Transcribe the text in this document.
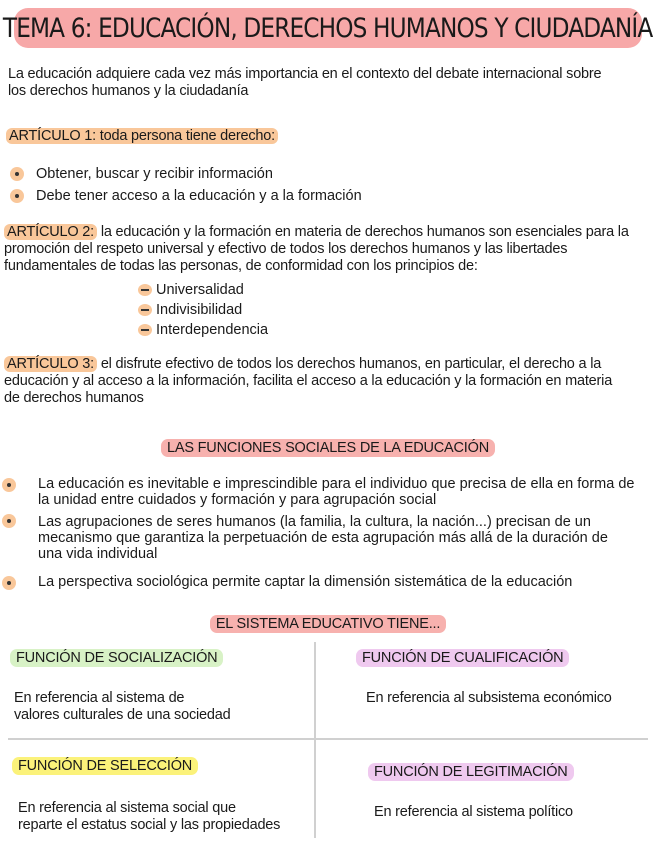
TEMA 6: EDUCACIÓN, DERECHOS HUMANOS Y CIUDADANÍA
La educación adquiere cada vez más importancia en el contexto del debate internacional sobre
los derechos humanos y la ciudadanía
ARTÍCULO 1: toda persona tiene derecho:
Obtener, buscar y recibir información
Debe tener acceso a la educación y a la formación
ARTÍCULO 2: la educación y la formación en materia de derechos humanos son esenciales para la
promoción del respeto universal y efectivo de todos los derechos humanos y las libertades
fundamentales de todas las personas, de conformidad con los principios de:
Universalidad
Indivisibilidad
Interdependencia
ARTÍCULO 3: el disfrute efectivo de todos los derechos humanos, en particular, el derecho a la
educación y al acceso a la información, facilita el acceso a la educación y la formación en materia
de derechos humanos
LAS FUNCIONES SOCIALES DE LA EDUCACIÓN
La educación es inevitable e imprescindible para el individuo que precisa de ella en forma de
la unidad entre cuidados y formación y para agrupación social
Las agrupaciones de seres humanos (la familia, la cultura, la nación...) precisan de un
mecanismo que garantiza la perpetuación de esta agrupación más allá de la duración de
una vida individual
La perspectiva sociológica permite captar la dimensión sistemática de la educación
EL SISTEMA EDUCATIVO TIENE...
FUNCIÓN DE SOCIALIZACIÓN
En referencia al sistema de
valores culturales de una sociedad
FUNCIÓN DE CUALIFICACIÓN
En referencia al subsistema económico
FUNCIÓN DE SELECCIÓN
En referencia al sistema social que
reparte el estatus social y las propiedades
FUNCIÓN DE LEGITIMACIÓN
En referencia al sistema político
